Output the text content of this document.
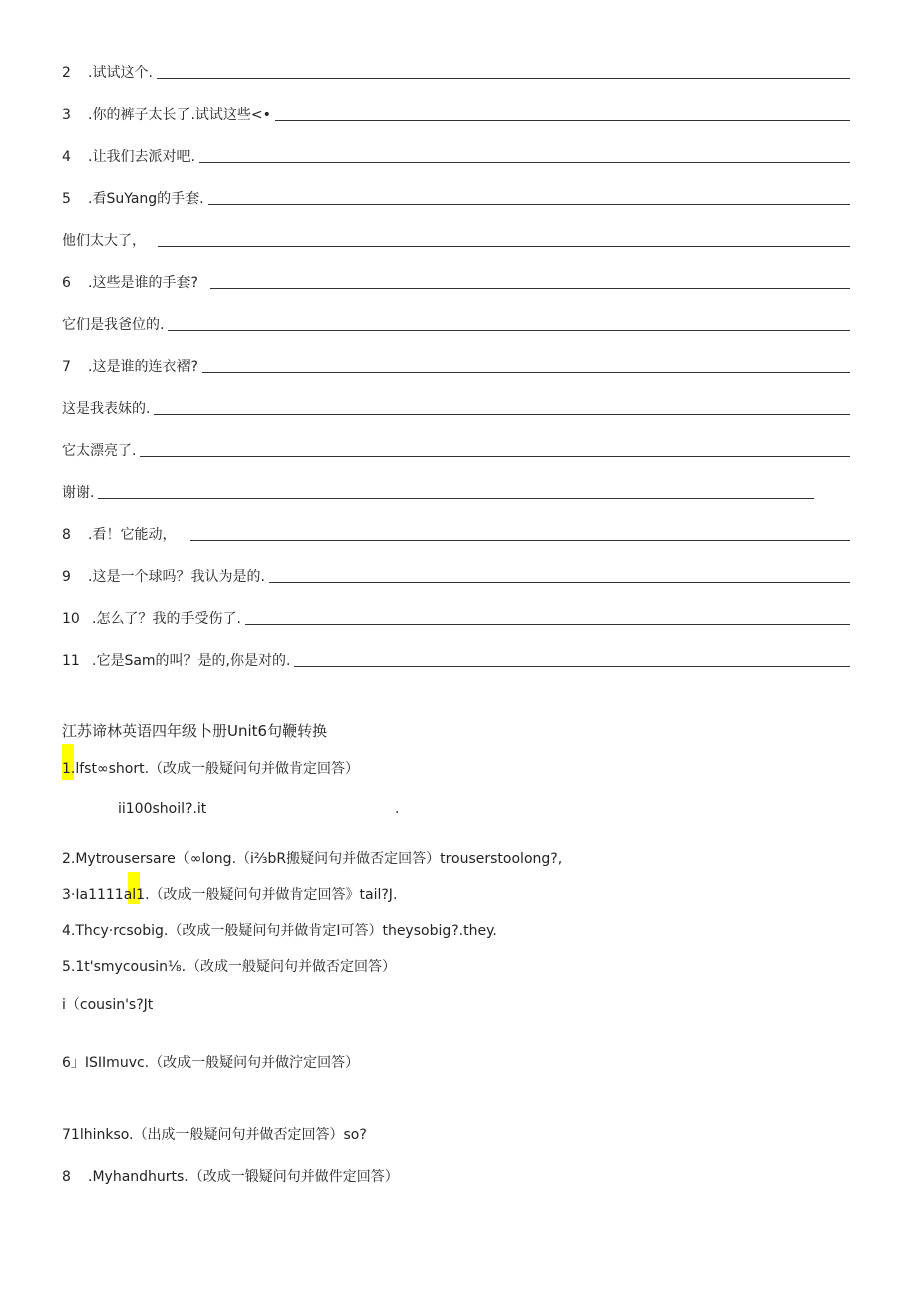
2	.试试这个.
3	.你的裤子太长了.试试这些<•
4	.让我们去派对吧.
5	.看SuYang的手套.
他们太大了，
6	.这些是谁的手套?
它们是我爸位的.
7	.这是谁的连衣褶?
这是我表妹的.
它太漂亮了.
谢谢.
8	.看！它能动，
9	.这是一个球吗？我认为是的.
10 .怎么了？我的手受伤了.
11 .它是Sam的叫？是的,你是对的.
江苏谛林英语四年级卜册Unit6句鞭转换
1.lfst∞short.（改成一般疑问句并做肯定回答）
ii100shoil?.it	.
2.Mytrousersare（∞long.（i⅔bR搬疑问句并做否定回答）trouserstoolong?,
3·Ia1111al1.（改成一般疑问句并做肯定回答》tail?J.
4.Thcy·rcsobig.（改成一般疑问句并做肯定I可答）theysobig?.they.
5.1t'smycousin⅛.（改成一般疑问句并做否定回答）
i（cousin's?Jt
6」ISIImuvc.（改成一般疑问句并做泞定回答）
71lhinkso.（出成一般疑问句并做否定回答）so?
8 .Myhandhurts.（改成一锻疑问句并做件定回答）
